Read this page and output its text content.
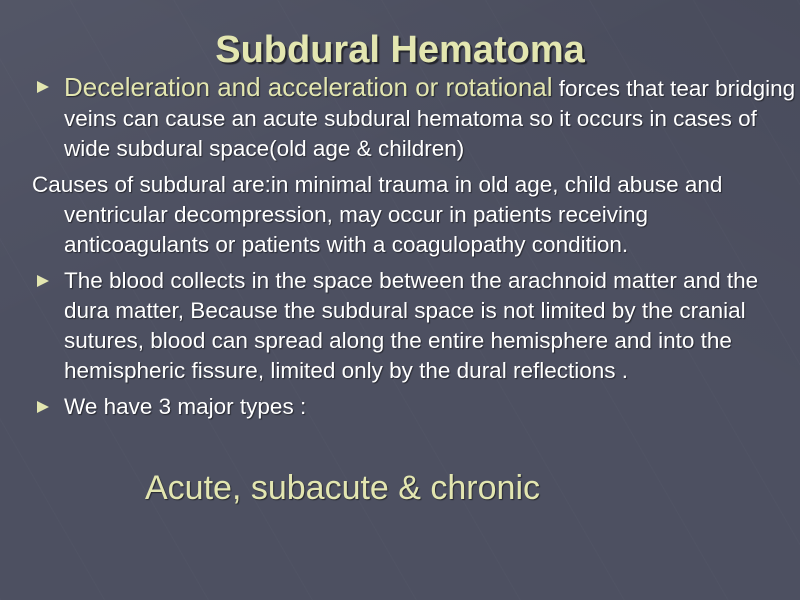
Subdural Hematoma
Deceleration and acceleration or rotational forces that tear bridging veins can cause an acute subdural hematoma so it occurs in cases of wide subdural space(old age & children)
Causes of subdural are:in minimal trauma in old age, child abuse and ventricular decompression, may occur in patients receiving anticoagulants or patients with a coagulopathy condition.
The blood collects in the space between the arachnoid matter and the dura matter, Because the subdural space is not limited by the cranial sutures, blood can spread along the entire hemisphere and into the hemispheric fissure, limited only by the dural reflections .
We have 3 major types :
Acute, subacute & chronic
